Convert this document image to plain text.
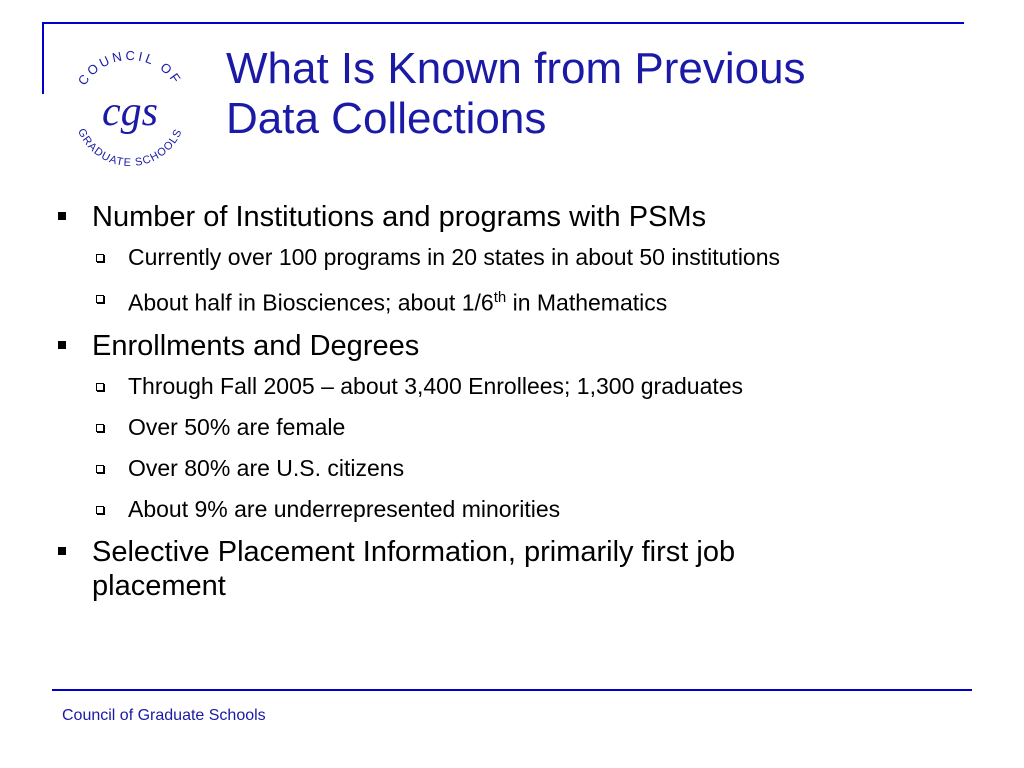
COUNCIL OF
GRADUATE SCHOOLS
cgs
What Is Known from Previous
Data Collections
Number of Institutions and programs with PSMs
Currently over 100 programs in 20 states in about 50 institutions
About half in Biosciences; about 1/6th in Mathematics
Enrollments and Degrees
Through Fall 2005 – about 3,400 Enrollees; 1,300 graduates
Over 50% are female
Over 80% are U.S. citizens
About 9% are underrepresented minorities
Selective Placement Information, primarily first job placement
Council of Graduate Schools
